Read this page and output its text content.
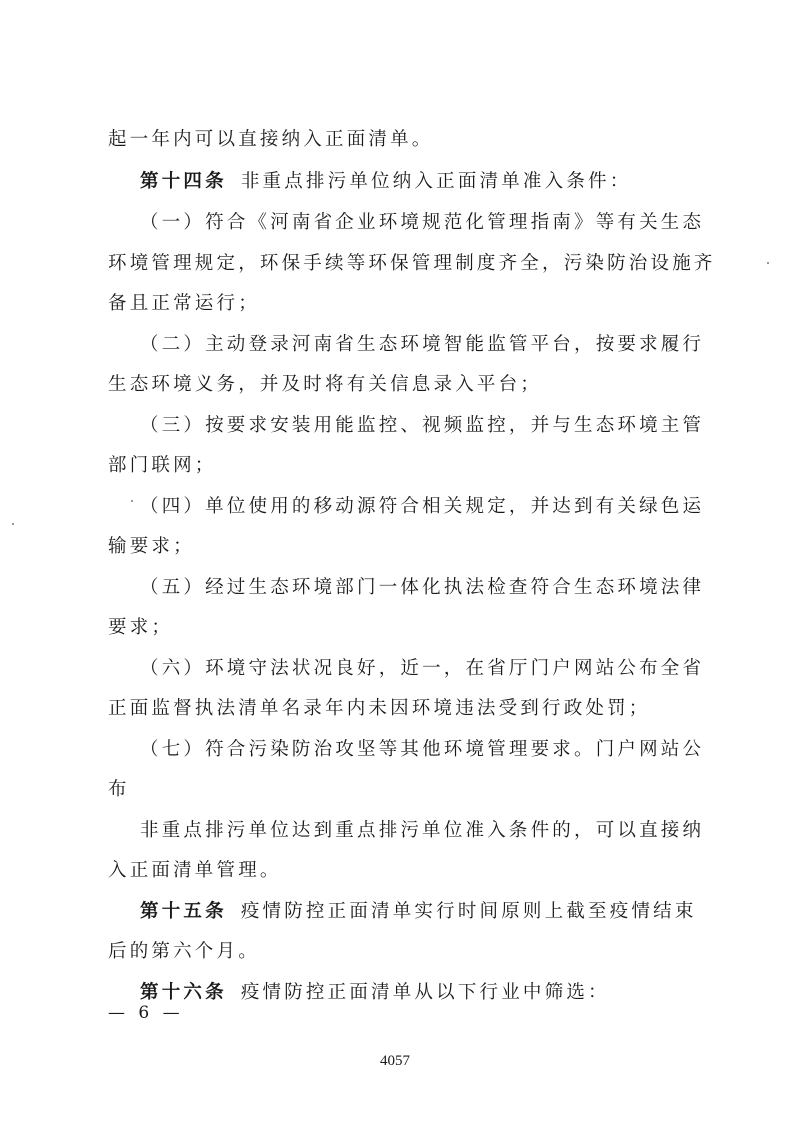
起一年内可以直接纳入正面清单。
第十四条 非重点排污单位纳入正面清单准入条件：
（一）符合《河南省企业环境规范化管理指南》等有关生态
环境管理规定，环保手续等环保管理制度齐全，污染防治设施齐
备且正常运行；
（二）主动登录河南省生态环境智能监管平台，按要求履行
生态环境义务，并及时将有关信息录入平台；
（三）按要求安装用能监控、视频监控，并与生态环境主管
部门联网；
（四）单位使用的移动源符合相关规定，并达到有关绿色运
输要求；
（五）经过生态环境部门一体化执法检查符合生态环境法律
要求；
（六）环境守法状况良好，近一，在省厅门户网站公布全省
正面监督执法清单名录年内未因环境违法受到行政处罚；
（七）符合污染防治攻坚等其他环境管理要求。门户网站公
布
非重点排污单位达到重点排污单位准入条件的，可以直接纳
入正面清单管理。
第十五条 疫情防控正面清单实行时间原则上截至疫情结束
后的第六个月。
第十六条 疫情防控正面清单从以下行业中筛选：
— 6 —
4057
